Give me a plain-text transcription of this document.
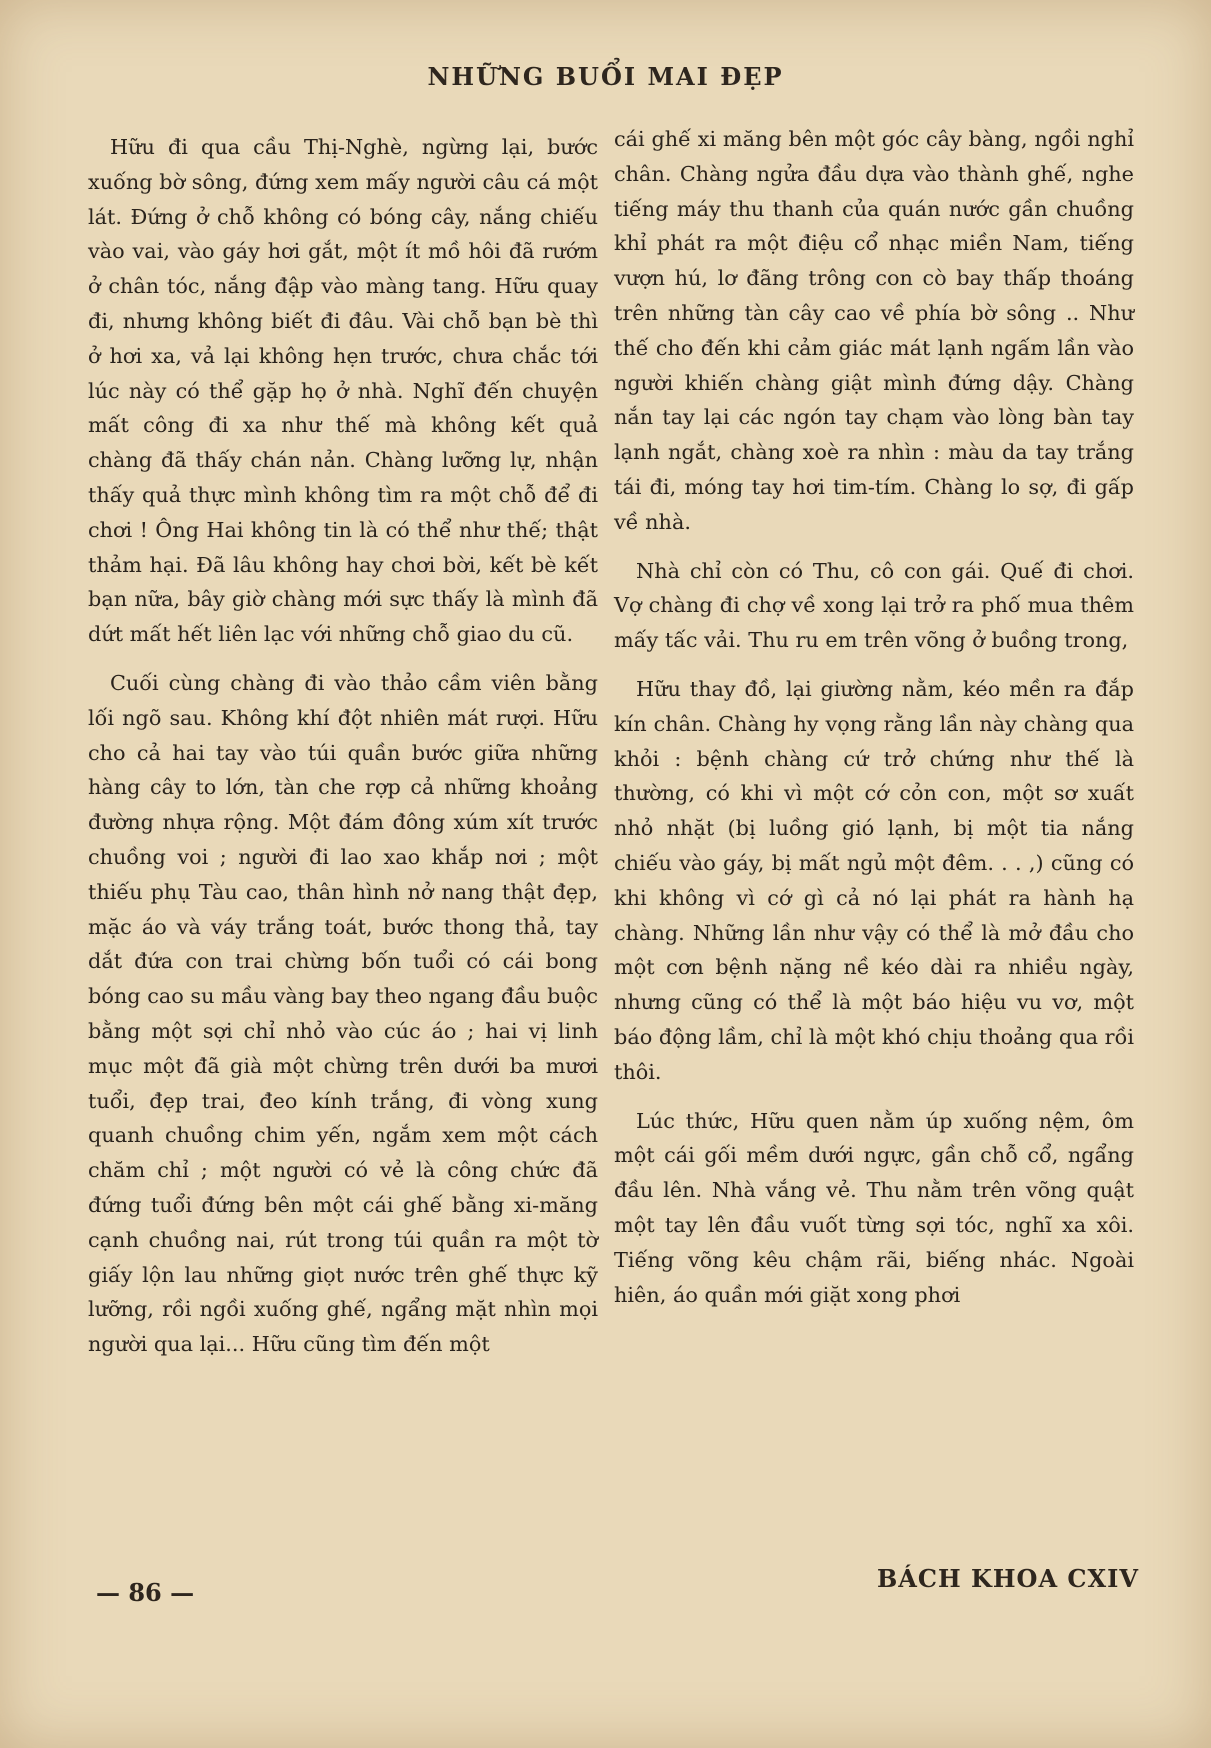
NHỮNG BUỔI MAI ĐẸP

Hữu đi qua cầu Thị-Nghè, ngừng lại, bước xuống bờ sông, đứng xem mấy người câu cá một lát. Đứng ở chỗ không có bóng cây, nắng chiếu vào vai, vào gáy hơi gắt, một ít mồ hôi đã rướm ở chân tóc, nắng đập vào màng tang. Hữu quay đi, nhưng không biết đi đâu. Vài chỗ bạn bè thì ở hơi xa, vả lại không hẹn trước, chưa chắc tới lúc này có thể gặp họ ở nhà. Nghĩ đến chuyện mất công đi xa như thế mà không kết quả chàng đã thấy chán nản. Chàng lưỡng lự, nhận thấy quả thực mình không tìm ra một chỗ để đi chơi ! Ông Hai không tin là có thể như thế; thật thảm hại. Đã lâu không hay chơi bời, kết bè kết bạn nữa, bây giờ chàng mới sực thấy là mình đã dứt mất hết liên lạc với những chỗ giao du cũ.

Cuối cùng chàng đi vào thảo cầm viên bằng lối ngõ sau. Không khí đột nhiên mát rượi. Hữu cho cả hai tay vào túi quần bước giữa những hàng cây to lớn, tàn che rợp cả những khoảng đường nhựa rộng. Một đám đông xúm xít trước chuồng voi ; người đi lao xao khắp nơi ; một thiếu phụ Tàu cao, thân hình nở nang thật đẹp, mặc áo và váy trắng toát, bước thong thả, tay dắt đứa con trai chừng bốn tuổi có cái bong bóng cao su mầu vàng bay theo ngang đầu buộc bằng một sợi chỉ nhỏ vào cúc áo ; hai vị linh mục một đã già một chừng trên dưới ba mươi tuổi, đẹp trai, đeo kính trắng, đi vòng xung quanh chuồng chim yến, ngắm xem một cách chăm chỉ ; một người có vẻ là công chức đã đứng tuổi đứng bên một cái ghế bằng xi-măng cạnh chuồng nai, rút trong túi quần ra một tờ giấy lộn lau những giọt nước trên ghế thực kỹ lưỡng, rồi ngồi xuống ghế, ngẩng mặt nhìn mọi người qua lại... Hữu cũng tìm đến một

cái ghế xi măng bên một góc cây bàng, ngồi nghỉ chân. Chàng ngửa đầu dựa vào thành ghế, nghe tiếng máy thu thanh của quán nước gần chuồng khỉ phát ra một điệu cổ nhạc miền Nam, tiếng vượn hú, lơ đãng trông con cò bay thấp thoáng trên những tàn cây cao về phía bờ sông .. Như thế cho đến khi cảm giác mát lạnh ngấm lần vào người khiến chàng giật mình đứng dậy. Chàng nắn tay lại các ngón tay chạm vào lòng bàn tay lạnh ngắt, chàng xoè ra nhìn : màu da tay trắng tái đi, móng tay hơi tim-tím. Chàng lo sợ, đi gấp về nhà.

Nhà chỉ còn có Thu, cô con gái. Quế đi chơi. Vợ chàng đi chợ về xong lại trở ra phố mua thêm mấy tấc vải. Thu ru em trên võng ở buồng trong,

Hữu thay đồ, lại giường nằm, kéo mền ra đắp kín chân. Chàng hy vọng rằng lần này chàng qua khỏi : bệnh chàng cứ trở chứng như thế là thường, có khi vì một cớ cỏn con, một sơ xuất nhỏ nhặt (bị luồng gió lạnh, bị một tia nắng chiếu vào gáy, bị mất ngủ một đêm. . . ,) cũng có khi không vì cớ gì cả nó lại phát ra hành hạ chàng. Những lần như vậy có thể là mở đầu cho một cơn bệnh nặng nề kéo dài ra nhiều ngày, nhưng cũng có thể là một báo hiệu vu vơ, một báo động lầm, chỉ là một khó chịu thoảng qua rồi thôi.

Lúc thức, Hữu quen nằm úp xuống nệm, ôm một cái gối mềm dưới ngực, gần chỗ cổ, ngẩng đầu lên. Nhà vắng vẻ. Thu nằm trên võng quật một tay lên đầu vuốt từng sợi tóc, nghĩ xa xôi. Tiếng võng kêu chậm rãi, biếng nhác. Ngoài hiên, áo quần mới giặt xong phơi

— 86 —	BÁCH KHOA CXIV
